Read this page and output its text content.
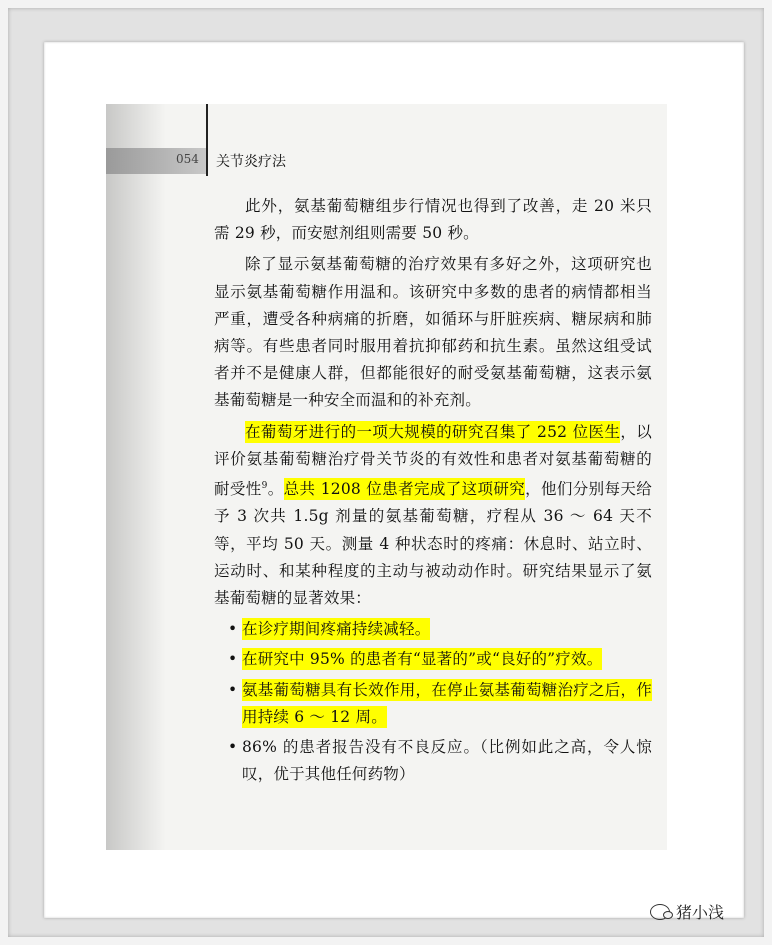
054 关节炎疗法

此外，氨基葡萄糖组步行情况也得到了改善，走 20 米只需 29 秒，而安慰剂组则需要 50 秒。

除了显示氨基葡萄糖的治疗效果有多好之外，这项研究也显示氨基葡萄糖作用温和。该研究中多数的患者的病情都相当严重，遭受各种病痛的折磨，如循环与肝脏疾病、糖尿病和肺病等。有些患者同时服用着抗抑郁药和抗生素。虽然这组受试者并不是健康人群，但都能很好的耐受氨基葡萄糖，这表示氨基葡萄糖是一种安全而温和的补充剂。

在葡萄牙进行的一项大规模的研究召集了 252 位医生，以评价氨基葡萄糖治疗骨关节炎的有效性和患者对氨基葡萄糖的耐受性$^9$。总共 1208 位患者完成了这项研究，他们分别每天给予 3 次共 1.5g 剂量的氨基葡萄糖，疗程从 36 ～ 64 天不等，平均 50 天。测量 4 种状态时的疼痛：休息时、站立时、运动时、和某种程度的主动与被动动作时。研究结果显示了氨基葡萄糖的显著效果：

• 在诊疗期间疼痛持续减轻。
• 在研究中 95% 的患者有“显著的”或“良好的”疗效。
• 氨基葡萄糖具有长效作用，在停止氨基葡萄糖治疗之后，作用持续 6 ～ 12 周。
• 86% 的患者报告没有不良反应。（比例如此之高，令人惊叹，优于其他任何药物）
猪小浅
